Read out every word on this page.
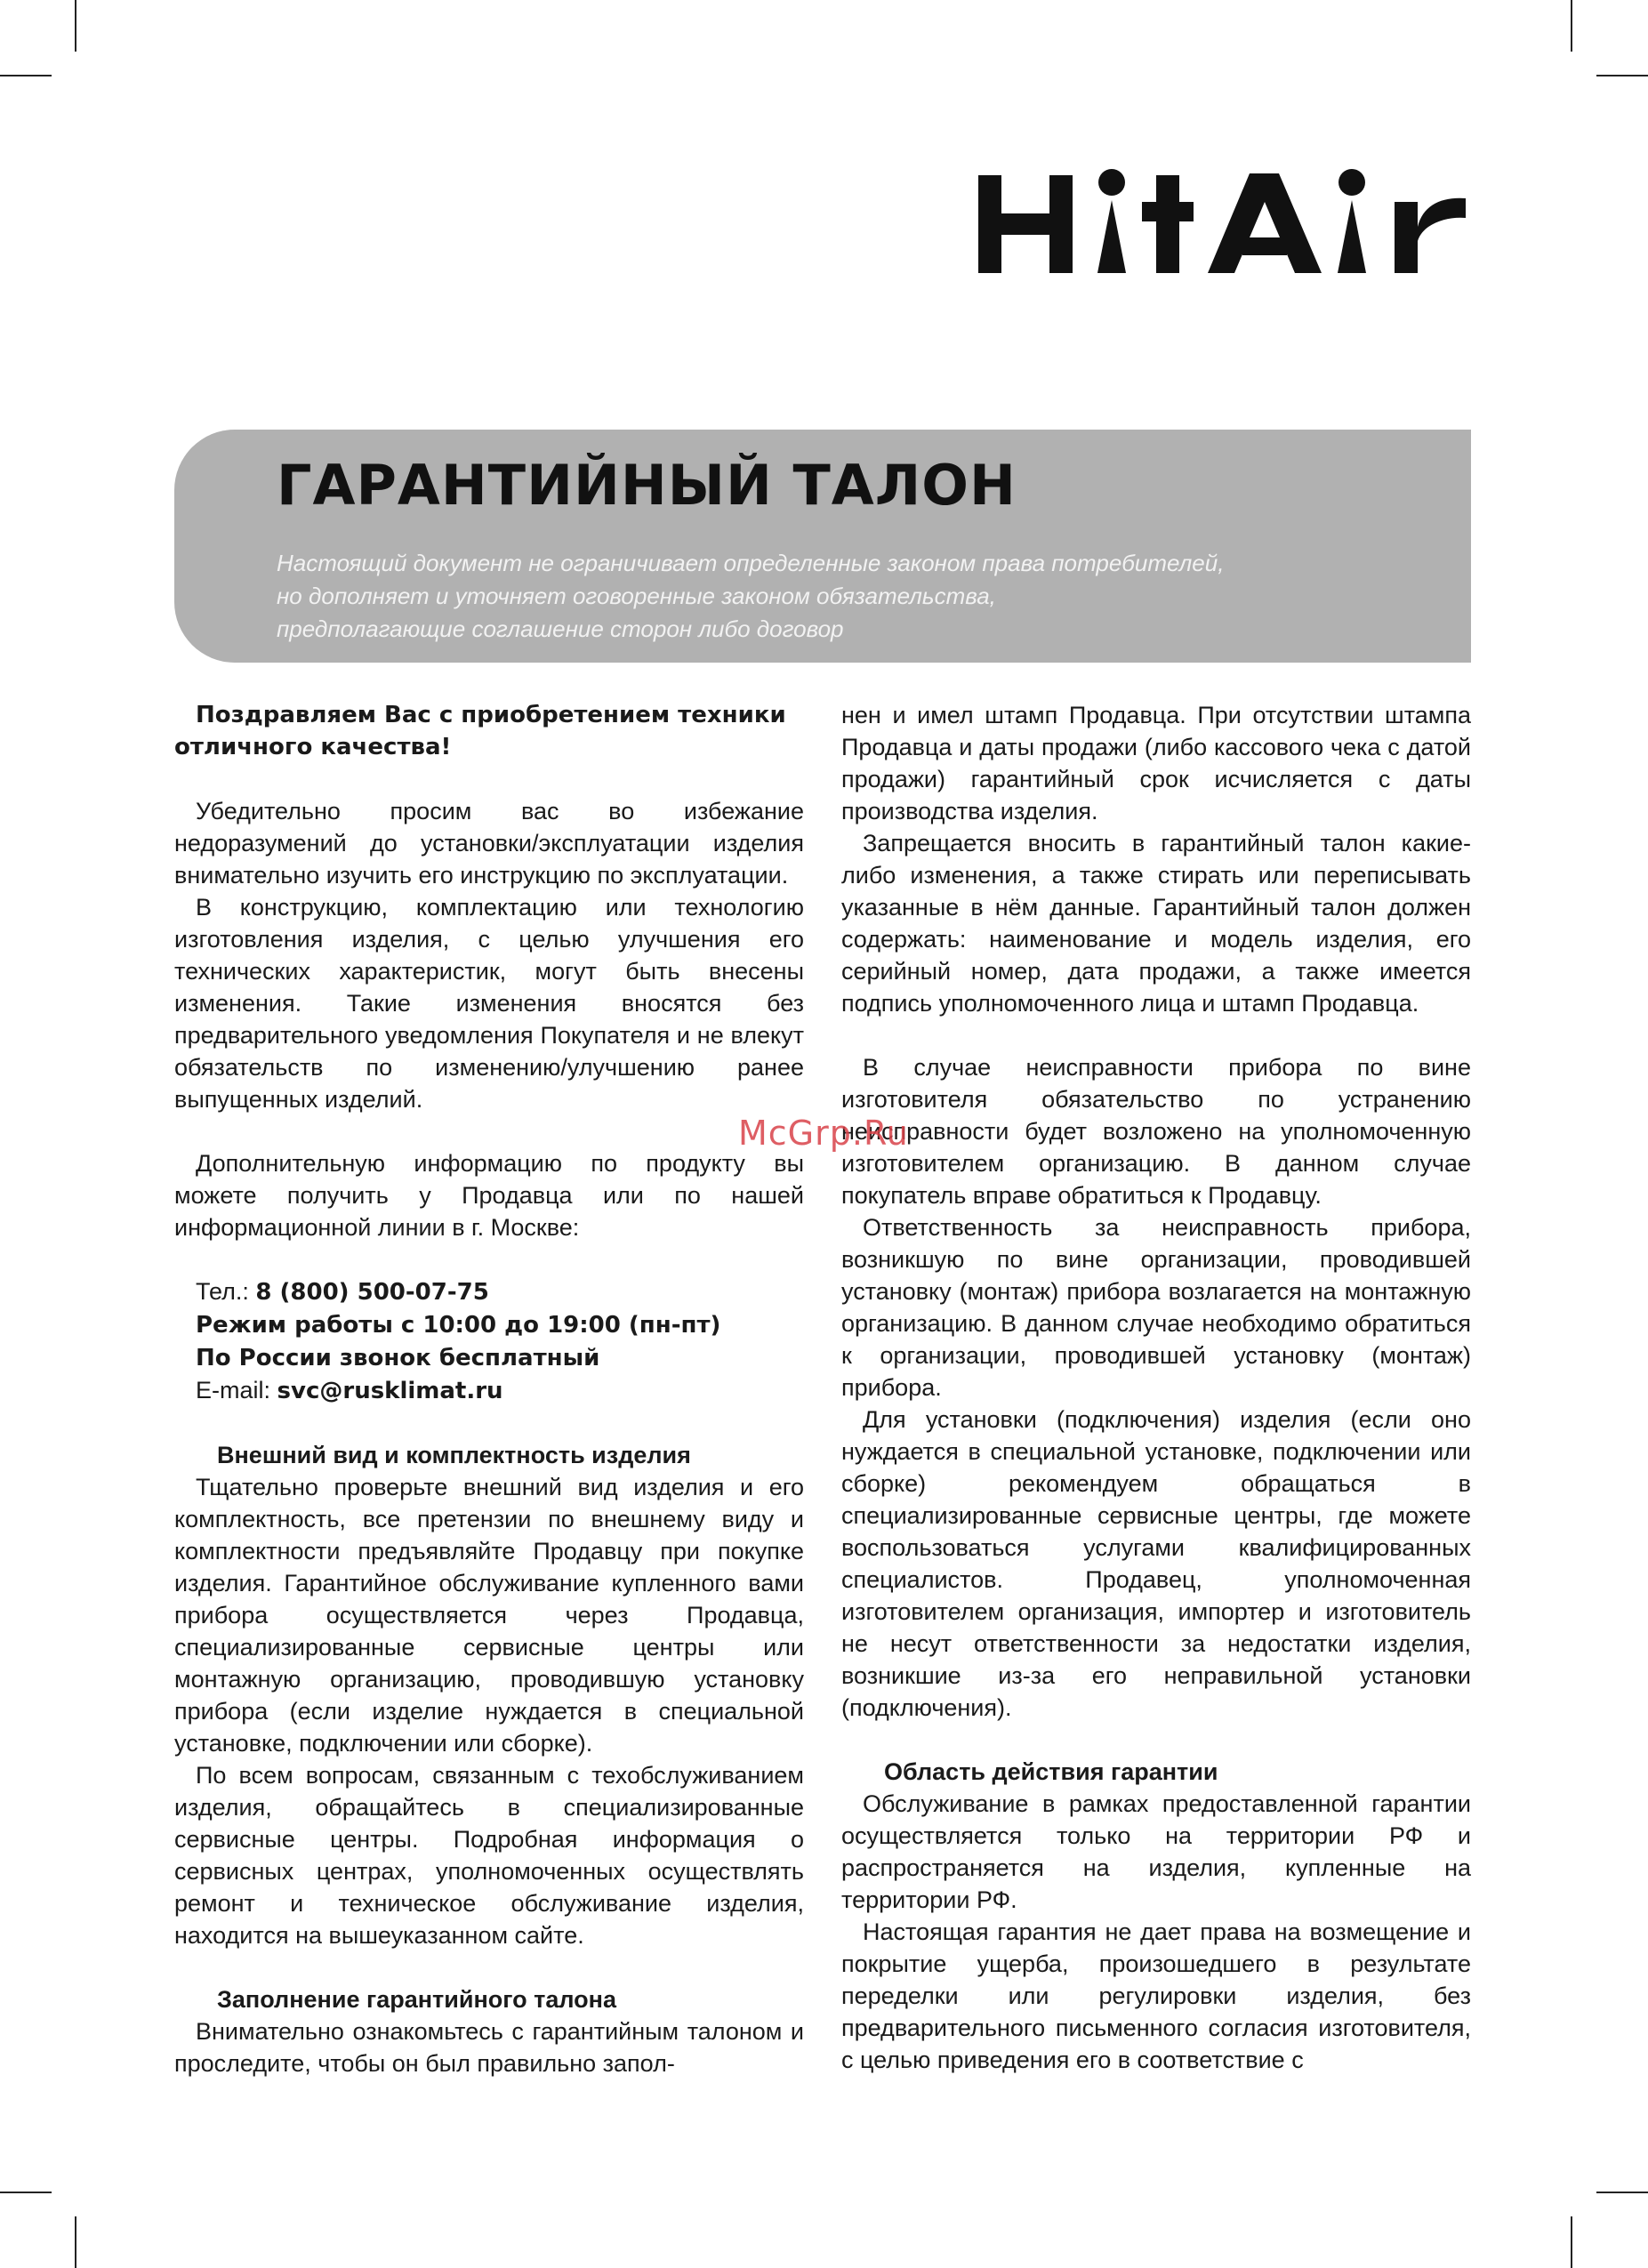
ГАРАНТИЙНЫЙ ТАЛОН
Настоящий документ не ограничивает определенные законом права потребителей,
но дополняет и уточняет оговоренные законом обязательства,
предполагающие соглашение сторон либо договор

Поздравляем Вас с приобретением техники отличного качества!

Убедительно просим вас во избежание недоразумений до установки/эксплуатации изделия внимательно изучить его инструкцию по эксплуатации.

В конструкцию, комплектацию или технологию изготовления изделия, с целью улучшения его технических характеристик, могут быть внесены изменения. Такие изменения вносятся без предварительного уведомления Покупателя и не влекут обязательств по изменению/улучшению ранее выпущенных изделий.

Дополнительную информацию по продукту вы можете получить у Продавца или по нашей информационной линии в г. Москве:

Тел.: 8 (800) 500-07-75

Режим работы с 10:00 до 19:00 (пн-пт)

По России звонок бесплатный

E-mail: svc@rusklimat.ru

Внешний вид и комплектность изделия

Тщательно проверьте внешний вид изделия и его комплектность, все претензии по внешнему виду и комплектности предъявляйте Продавцу при покупке изделия. Гарантийное обслуживание купленного вами прибора осуществляется через Продавца, специализированные сервисные центры или монтажную организацию, проводившую установку прибора (если изделие нуждается в специальной установке, подключении или сборке).

По всем вопросам, связанным с техобслуживанием изделия, обращайтесь в специализированные сервисные центры. Подробная информация о сервисных центрах, уполномоченных осуществлять ремонт и техническое обслуживание изделия, находится на вышеуказанном сайте.

Заполнение гарантийного талона

Внимательно ознакомьтесь с гарантийным талоном и проследите, чтобы он был правильно запол-

нен и имел штамп Продавца. При отсутствии штампа Продавца и даты продажи (либо кассового чека с датой продажи) гарантийный срок исчисляется с даты производства изделия.

Запрещается вносить в гарантийный талон какие-либо изменения, а также стирать или переписывать указанные в нём данные. Гарантийный талон должен содержать: наименование и модель изделия, его серийный номер, дата продажи, а также имеется подпись уполномоченного лица и штамп Продавца.

В случае неисправности прибора по вине изготовителя обязательство по устранению неисправности будет возложено на уполномоченную изготовителем организацию. В данном случае покупатель вправе обратиться к Продавцу.

Ответственность за неисправность прибора, возникшую по вине организации, проводившей установку (монтаж) прибора возлагается на монтажную организацию. В данном случае необходимо обратиться к организации, проводившей установку (монтаж) прибора.

Для установки (подключения) изделия (если оно нуждается в специальной установке, подключении или сборке) рекомендуем обращаться в специализированные сервисные центры, где можете воспользоваться услугами квалифицированных специалистов. Продавец, уполномоченная изготовителем организация, импортер и изготовитель не несут ответственности за недостатки изделия, возникшие из-за его неправильной установки (подключения).

Область действия гарантии

Обслуживание в рамках предоставленной гарантии осуществляется только на территории РФ и распространяется на изделия, купленные на территории РФ.

Настоящая гарантия не дает права на возмещение и покрытие ущерба, произошедшего в результате переделки или регулировки изделия, без предварительного письменного согласия изготовителя, с целью приведения его в соответствие с

McGrp.Ru
